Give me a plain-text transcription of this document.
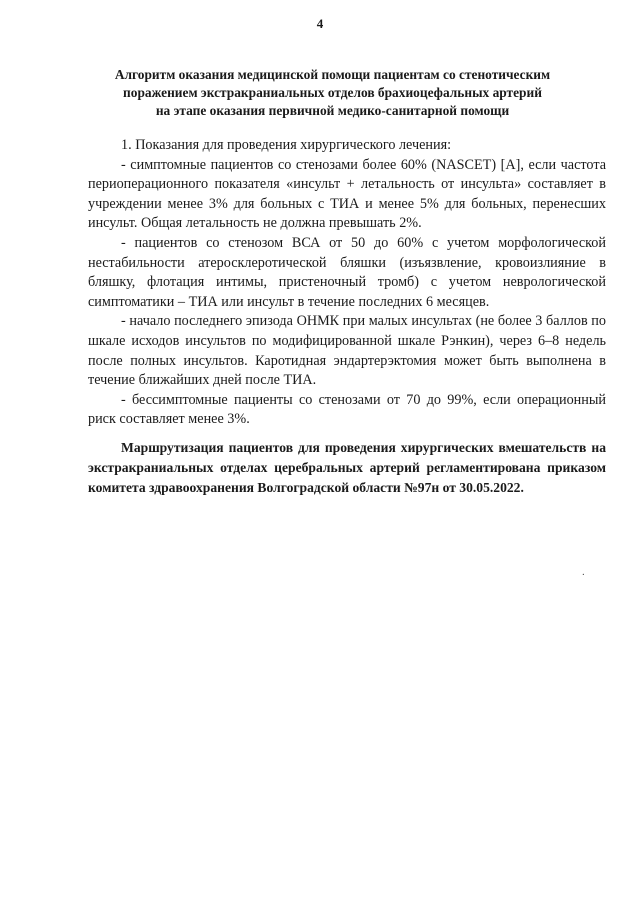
4
Алгоритм оказания медицинской помощи пациентам со стенотическим
поражением экстракраниальных отделов брахиоцефальных артерий
на этапе оказания первичной медико-санитарной помощи

1. Показания для проведения хирургического лечения:

- симптомные пациентов со стенозами более 60% (NASCET) [A], если частота периоперационного показателя «инсульт + летальность от инсульта» составляет в учреждении менее 3% для больных с ТИА и менее 5% для больных, перенесших инсульт. Общая летальность не должна превышать 2%.

- пациентов со стенозом ВСА от 50 до 60% с учетом морфологической нестабильности атеросклеротической бляшки (изъязвление, кровоизлияние в бляшку, флотация интимы, пристеночный тромб) с учетом неврологической симптоматики – ТИА или инсульт в течение последних 6 месяцев.

- начало последнего эпизода ОНМК при малых инсультах (не более 3 баллов по шкале исходов инсультов по модифицированной шкале Рэнкин), через 6–8 недель после полных инсультов. Каротидная эндартерэктомия может быть выполнена в течение ближайших дней после ТИА.

- бессимптомные пациенты со стенозами от 70 до 99%, если операционный риск составляет менее 3%.

Маршрутизация пациентов для проведения хирургических вмешательств на экстракраниальных отделах церебральных артерий регламентирована приказом комитета здравоохранения Волгоградской области №97н от 30.05.2022.

.
